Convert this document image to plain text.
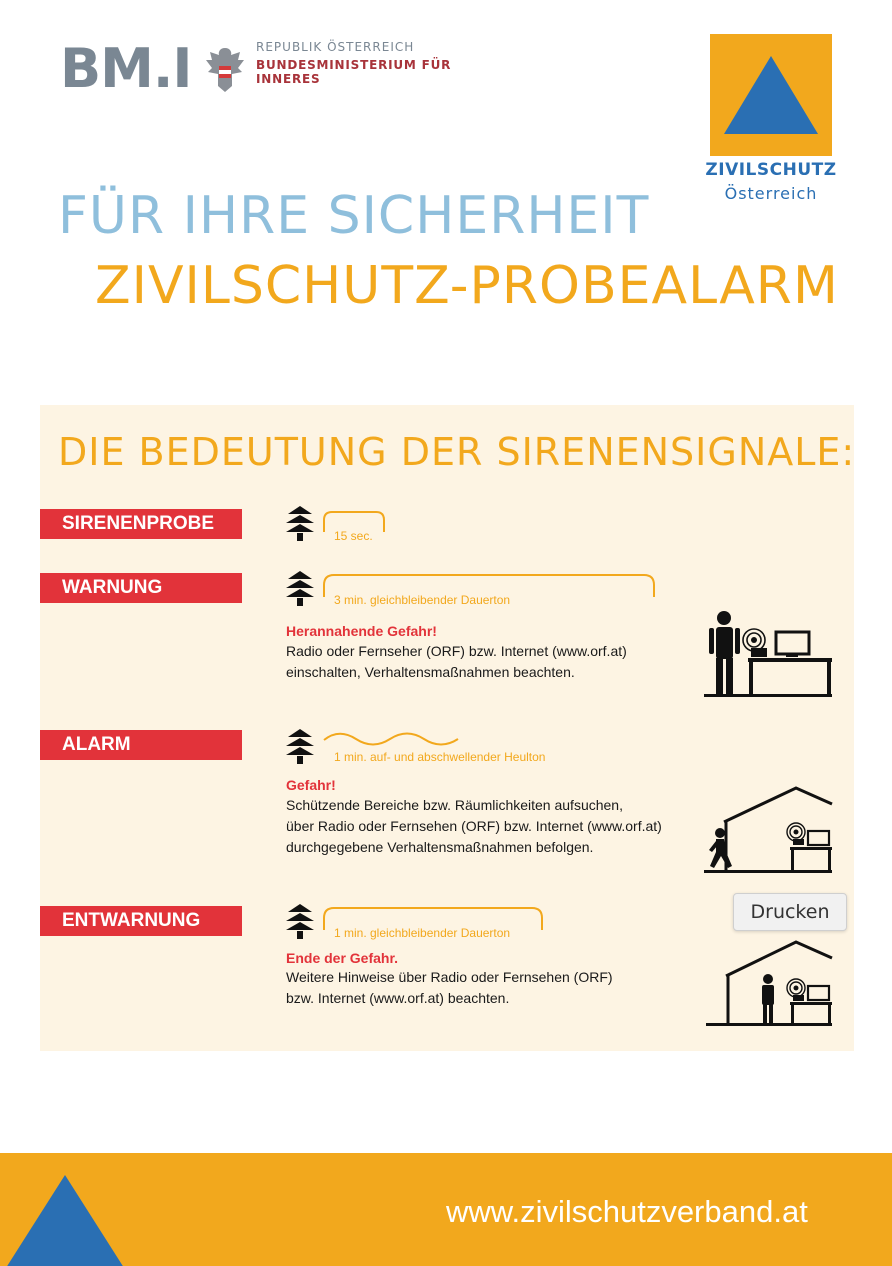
BM.I	REPUBLIK ÖSTERREICH
BUNDESMINISTERIUM FÜR INNERES
ZIVILSCHUTZ
Österreich
FÜR IHRE SICHERHEIT
ZIVILSCHUTZ-PROBEALARM
DIE BEDEUTUNG DER SIRENENSIGNALE:
SIRENENPROBE
15 sec.
WARNUNG
3 min. gleichbleibender Dauerton
Herannahende Gefahr!
Radio oder Fernseher (ORF) bzw. Internet (www.orf.at)
einschalten, Verhaltensmaßnahmen beachten.
ALARM
1 min. auf- und abschwellender Heulton
Gefahr!
Schützende Bereiche bzw. Räumlichkeiten aufsuchen,
über Radio oder Fernsehen (ORF) bzw. Internet (www.orf.at)
durchgegebene Verhaltensmaßnahmen befolgen.
ENTWARNUNG
1 min. gleichbleibender Dauerton
Ende der Gefahr.
Weitere Hinweise über Radio oder Fernsehen (ORF)
bzw. Internet (www.orf.at) beachten.
Drucken
www.zivilschutzverband.at
